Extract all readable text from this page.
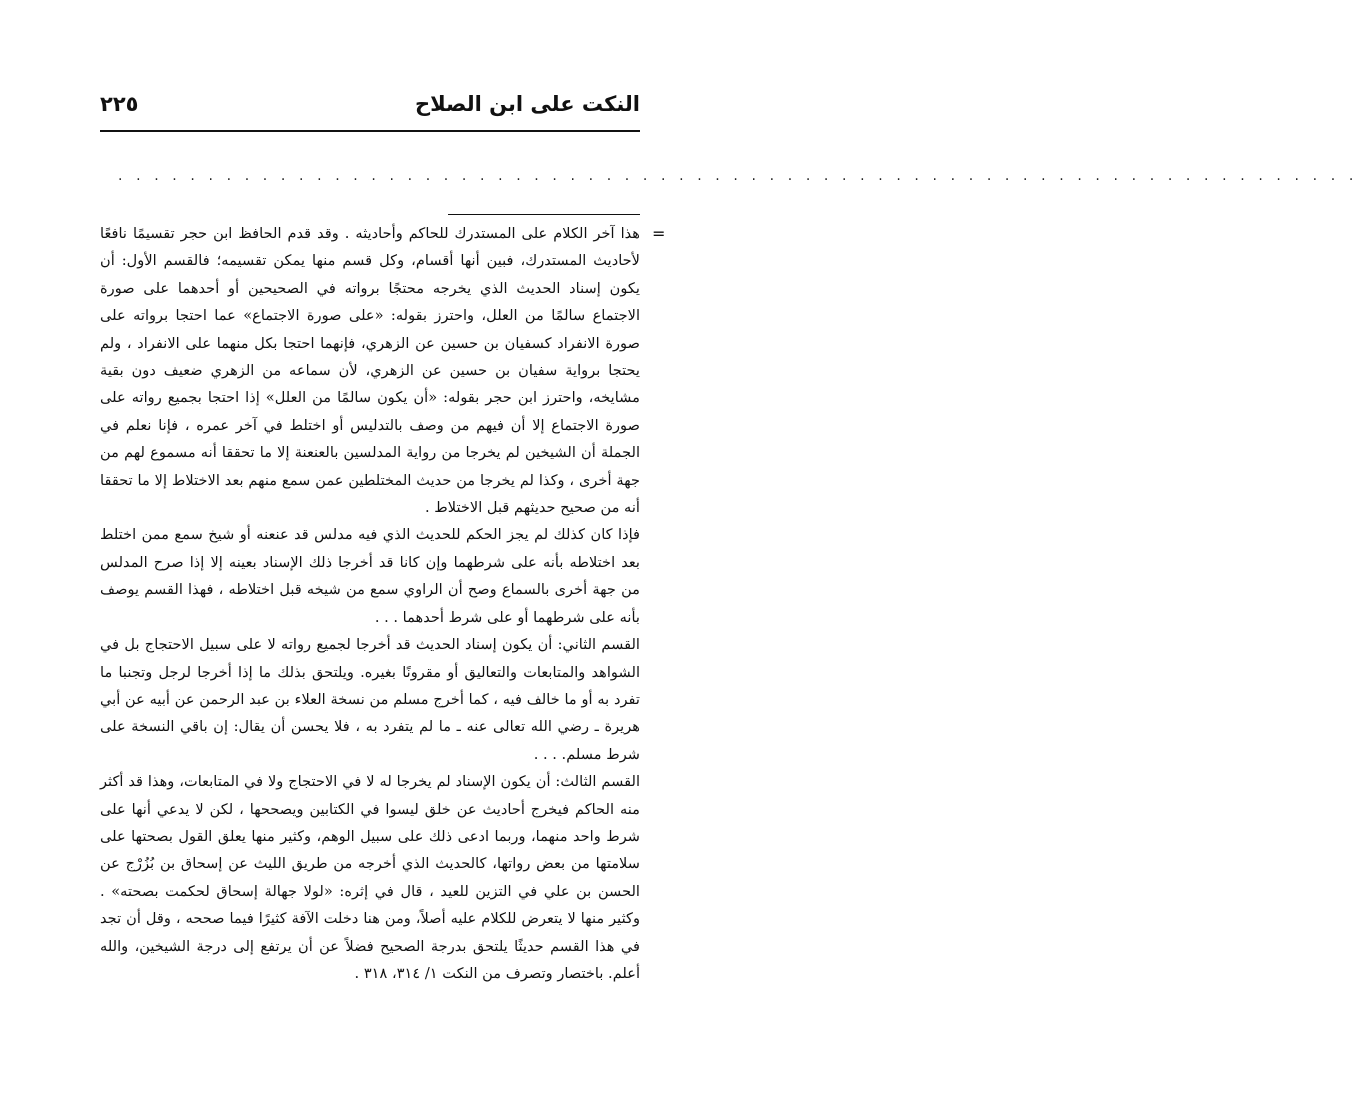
النكت على ابن الصلاح
٢٢٥
. . . . . . . . . . . . . . . . . . . . . . . . . . . . . . . . . . . . . . . . . . . . . . . . . . . . . . . . . . . . . . . . . . . . .
=

هذا آخر الكلام على المستدرك للحاكم وأحاديثه . وقد قدم الحافظ ابن حجر تقسيمًا نافعًا لأحاديث المستدرك، فبين أنها أقسام، وكل قسم منها يمكن تقسيمه؛ فالقسم الأول: أن يكون إسناد الحديث الذي يخرجه محتجًا برواته في الصحيحين أو أحدهما على صورة الاجتماع سالمًا من العلل، واحترز بقوله: «على صورة الاجتماع» عما احتجا برواته على صورة الانفراد كسفيان بن حسين عن الزهري، فإنهما احتجا بكل منهما على الانفراد ، ولم يحتجا برواية سفيان بن حسين عن الزهري، لأن سماعه من الزهري ضعيف دون بقية مشايخه، واحترز ابن حجر بقوله: «أن يكون سالمًا من العلل» إذا احتجا بجميع رواته على صورة الاجتماع إلا أن فيهم من وصف بالتدليس أو اختلط في آخر عمره ، فإنا نعلم في الجملة أن الشيخين لم يخرجا من رواية المدلسين بالعنعنة إلا ما تحققا أنه مسموع لهم من جهة أخرى ، وكذا لم يخرجا من حديث المختلطين عمن سمع منهم بعد الاختلاط إلا ما تحققا أنه من صحيح حديثهم قبل الاختلاط .

فإذا كان كذلك لم يجز الحكم للحديث الذي فيه مدلس قد عنعنه أو شيخ سمع ممن اختلط بعد اختلاطه بأنه على شرطهما وإن كانا قد أخرجا ذلك الإسناد بعينه إلا إذا صرح المدلس من جهة أخرى بالسماع وصح أن الراوي سمع من شيخه قبل اختلاطه ، فهذا القسم يوصف بأنه على شرطهما أو على شرط أحدهما . . .

القسم الثاني: أن يكون إسناد الحديث قد أخرجا لجميع رواته لا على سبيل الاحتجاج بل في الشواهد والمتابعات والتعاليق أو مقرونًا بغيره. ويلتحق بذلك ما إذا أخرجا لرجل وتجنبا ما تفرد به أو ما خالف فيه ، كما أخرج مسلم من نسخة العلاء بن عبد الرحمن عن أبيه عن أبي هريرة ـ رضي الله تعالى عنه ـ ما لم يتفرد به ، فلا يحسن أن يقال: إن باقي النسخة على شرط مسلم. . . .

القسم الثالث: أن يكون الإسناد لم يخرجا له لا في الاحتجاج ولا في المتابعات، وهذا قد أكثر منه الحاكم فيخرج أحاديث عن خلق ليسوا في الكتابين ويصححها ، لكن لا يدعي أنها على شرط واحد منهما، وربما ادعى ذلك على سبيل الوهم، وكثير منها يعلق القول بصحتها على سلامتها من بعض رواتها، كالحديث الذي أخرجه من طريق الليث عن إسحاق بن بُزُرْج عن الحسن بن علي في التزين للعيد ، قال في إثره: «لولا جهالة إسحاق لحكمت بصحته» . وكثير منها لا يتعرض للكلام عليه أصلاً، ومن هنا دخلت الآفة كثيرًا فيما صححه ، وقل أن تجد في هذا القسم حديثًا يلتحق بدرجة الصحيح فضلاً عن أن يرتفع إلى درجة الشيخين، والله أعلم. باختصار وتصرف من النكت ١/ ٣١٤، ٣١٨ .
